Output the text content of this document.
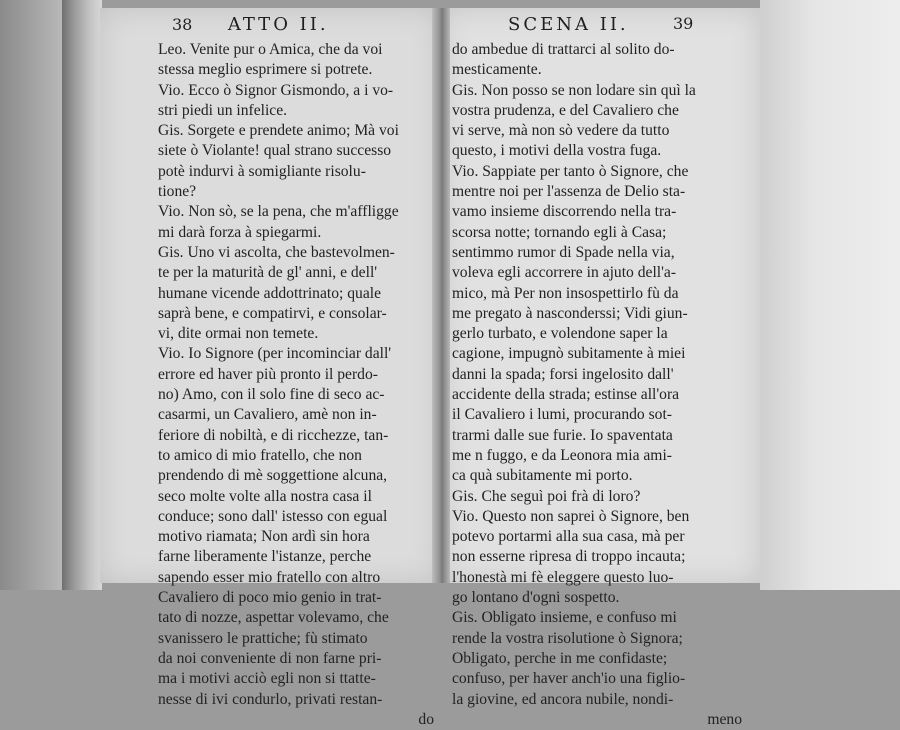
38 ATTO II.	SCENA II.	39
Leo. Venite pur o Amica, che da voi
stessa meglio esprimere si potrete.
Vio. Ecco ò Signor Gismondo, a i vo-
stri piedi un infelice.
Gis. Sorgete e prendete animo; Mà voi
siete ò Violante! qual strano successo
potè indurvi à somigliante risolu-
tione?
Vio. Non sò, se la pena, che m'affligge
mi darà forza à spiegarmi.
Gis. Uno vi ascolta, che bastevolmen-
te per la maturità de gl' anni, e dell'
humane vicende addottrinato; quale
saprà bene, e compatirvi, e consolar-
vi, dite ormai non temete.
Vio. Io Signore (per incominciar dall'
errore ed haver più pronto il perdo-
no) Amo, con il solo fine di seco ac-
casarmi, un Cavaliero, amè non in-
feriore di nobiltà, e di ricchezze, tan-
to amico di mio fratello, che non
prendendo di mè soggettione alcuna,
seco molte volte alla nostra casa il
conduce; sono dall' istesso con egual
motivo riamata; Non ardì sin hora
farne liberamente l'istanze, perche
sapendo esser mio fratello con altro
Cavaliero di poco mio genio in trat-
tato di nozze, aspettar volevamo, che
svanissero le prattiche; fù stimato
da noi conveniente di non farne pri-
ma i motivi acciò egli non si ttatte-
nesse di ivi condurlo, privati restan-
do
do ambedue di trattarci al solito do-
mesticamente.
Gis. Non posso se non lodare sin quì la
vostra prudenza, e del Cavaliero che
vi serve, mà non sò vedere da tutto
questo, i motivi della vostra fuga.
Vio. Sappiate per tanto ò Signore, che
mentre noi per l'assenza de Delio sta-
vamo insieme discorrendo nella tra-
scorsa notte; tornando egli à Casa;
sentimmo rumor di Spade nella via,
voleva egli accorrere in ajuto dell'a-
mico, mà Per non insospettirlo fù da
me pregato à nasconderssi; Vidi giun-
gerlo turbato, e volendone saper la
cagione, impugnò subitamente à miei
danni la spada; forsi ingelosito dall'
accidente della strada; estinse all'ora
il Cavaliero i lumi, procurando sot-
trarmi dalle sue furie. Io spaventata
me n fuggo, e da Leonora mia ami-
ca quà subitamente mi porto.
Gis. Che seguì poi frà di loro?
Vio. Questo non saprei ò Signore, ben
potevo portarmi alla sua casa, mà per
non esserne ripresa di troppo incauta;
l'honestà mi fè eleggere questo luo-
go lontano d'ogni sospetto.
Gis. Obligato insieme, e confuso mi
rende la vostra risolutione ò Signora;
Obligato, perche in me confidaste;
confuso, per haver anch'io una figlio-
la giovine, ed ancora nubile, nondi-
meno
